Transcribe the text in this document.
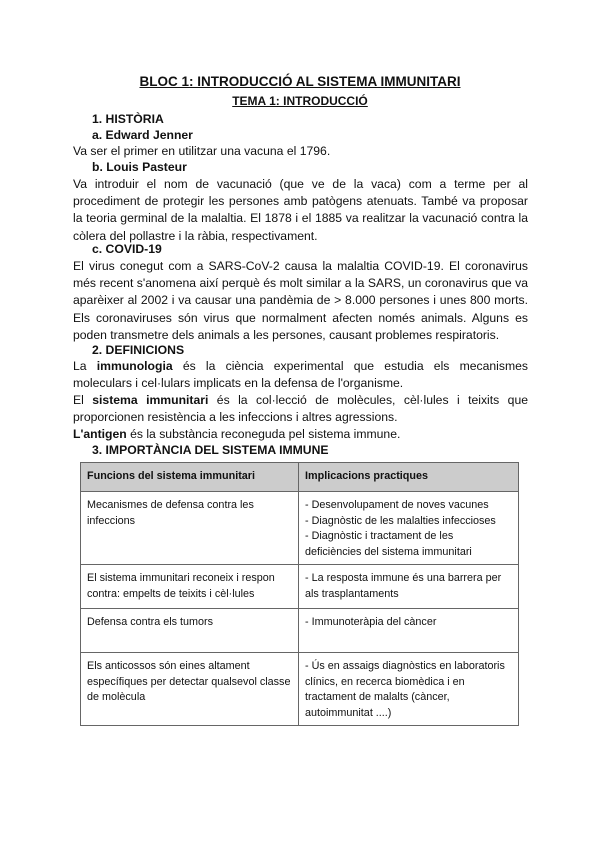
BLOC 1: INTRODUCCIÓ AL SISTEMA IMMUNITARI
TEMA 1: INTRODUCCIÓ
1. HISTÒRIA
a. Edward Jenner

Va ser el primer en utilitzar una vacuna el 1796.

b. Louis Pasteur

Va introduir el nom de vacunació (que ve de la vaca) com a terme per al procediment de protegir les persones amb patògens atenuats. També va proposar la teoria germinal de la malaltia. El 1878 i el 1885 va realitzar la vacunació contra la còlera del pollastre i la ràbia, respectivament.

c. COVID-19

El virus conegut com a SARS-CoV-2 causa la malaltia COVID-19. El coronavirus més recent s'anomena així perquè és molt similar a la SARS, un coronavirus que va aparèixer al 2002 i va causar una pandèmia de > 8.000 persones i unes 800 morts. Els coronaviruses són virus que normalment afecten només animals. Alguns es poden transmetre dels animals a les persones, causant problemes respiratoris.

2. DEFINICIONS

La immunologia és la ciència experimental que estudia els mecanismes moleculars i cel·lulars implicats en la defensa de l'organisme.

El sistema immunitari és la col·lecció de molècules, cèl·lules i teixits que proporcionen resistència a les infeccions i altres agressions.

L'antigen és la substància reconeguda pel sistema immune.

3. IMPORTÀNCIA DEL SISTEMA IMMUNE
Funcions del sistema immunitari	Implicacions practiques
Mecanismes de defensa contra les infeccions	- Desenvolupament de noves vacunes
- Diagnòstic de les malalties infeccioses
- Diagnòstic i tractament de les deficiències del sistema immunitari

El sistema immunitari reconeix i respon contra: empelts de teixits i cèl·lules	- La resposta immune és una barrera per als trasplantaments

Defensa contra els tumors	- Immunoteràpia del càncer

Els anticossos són eines altament específiques per detectar qualsevol classe de molècula	- Ús en assaigs diagnòstics en laboratoris clínics, en recerca biomèdica i en tractament de malalts (càncer, autoimmunitat ....)
